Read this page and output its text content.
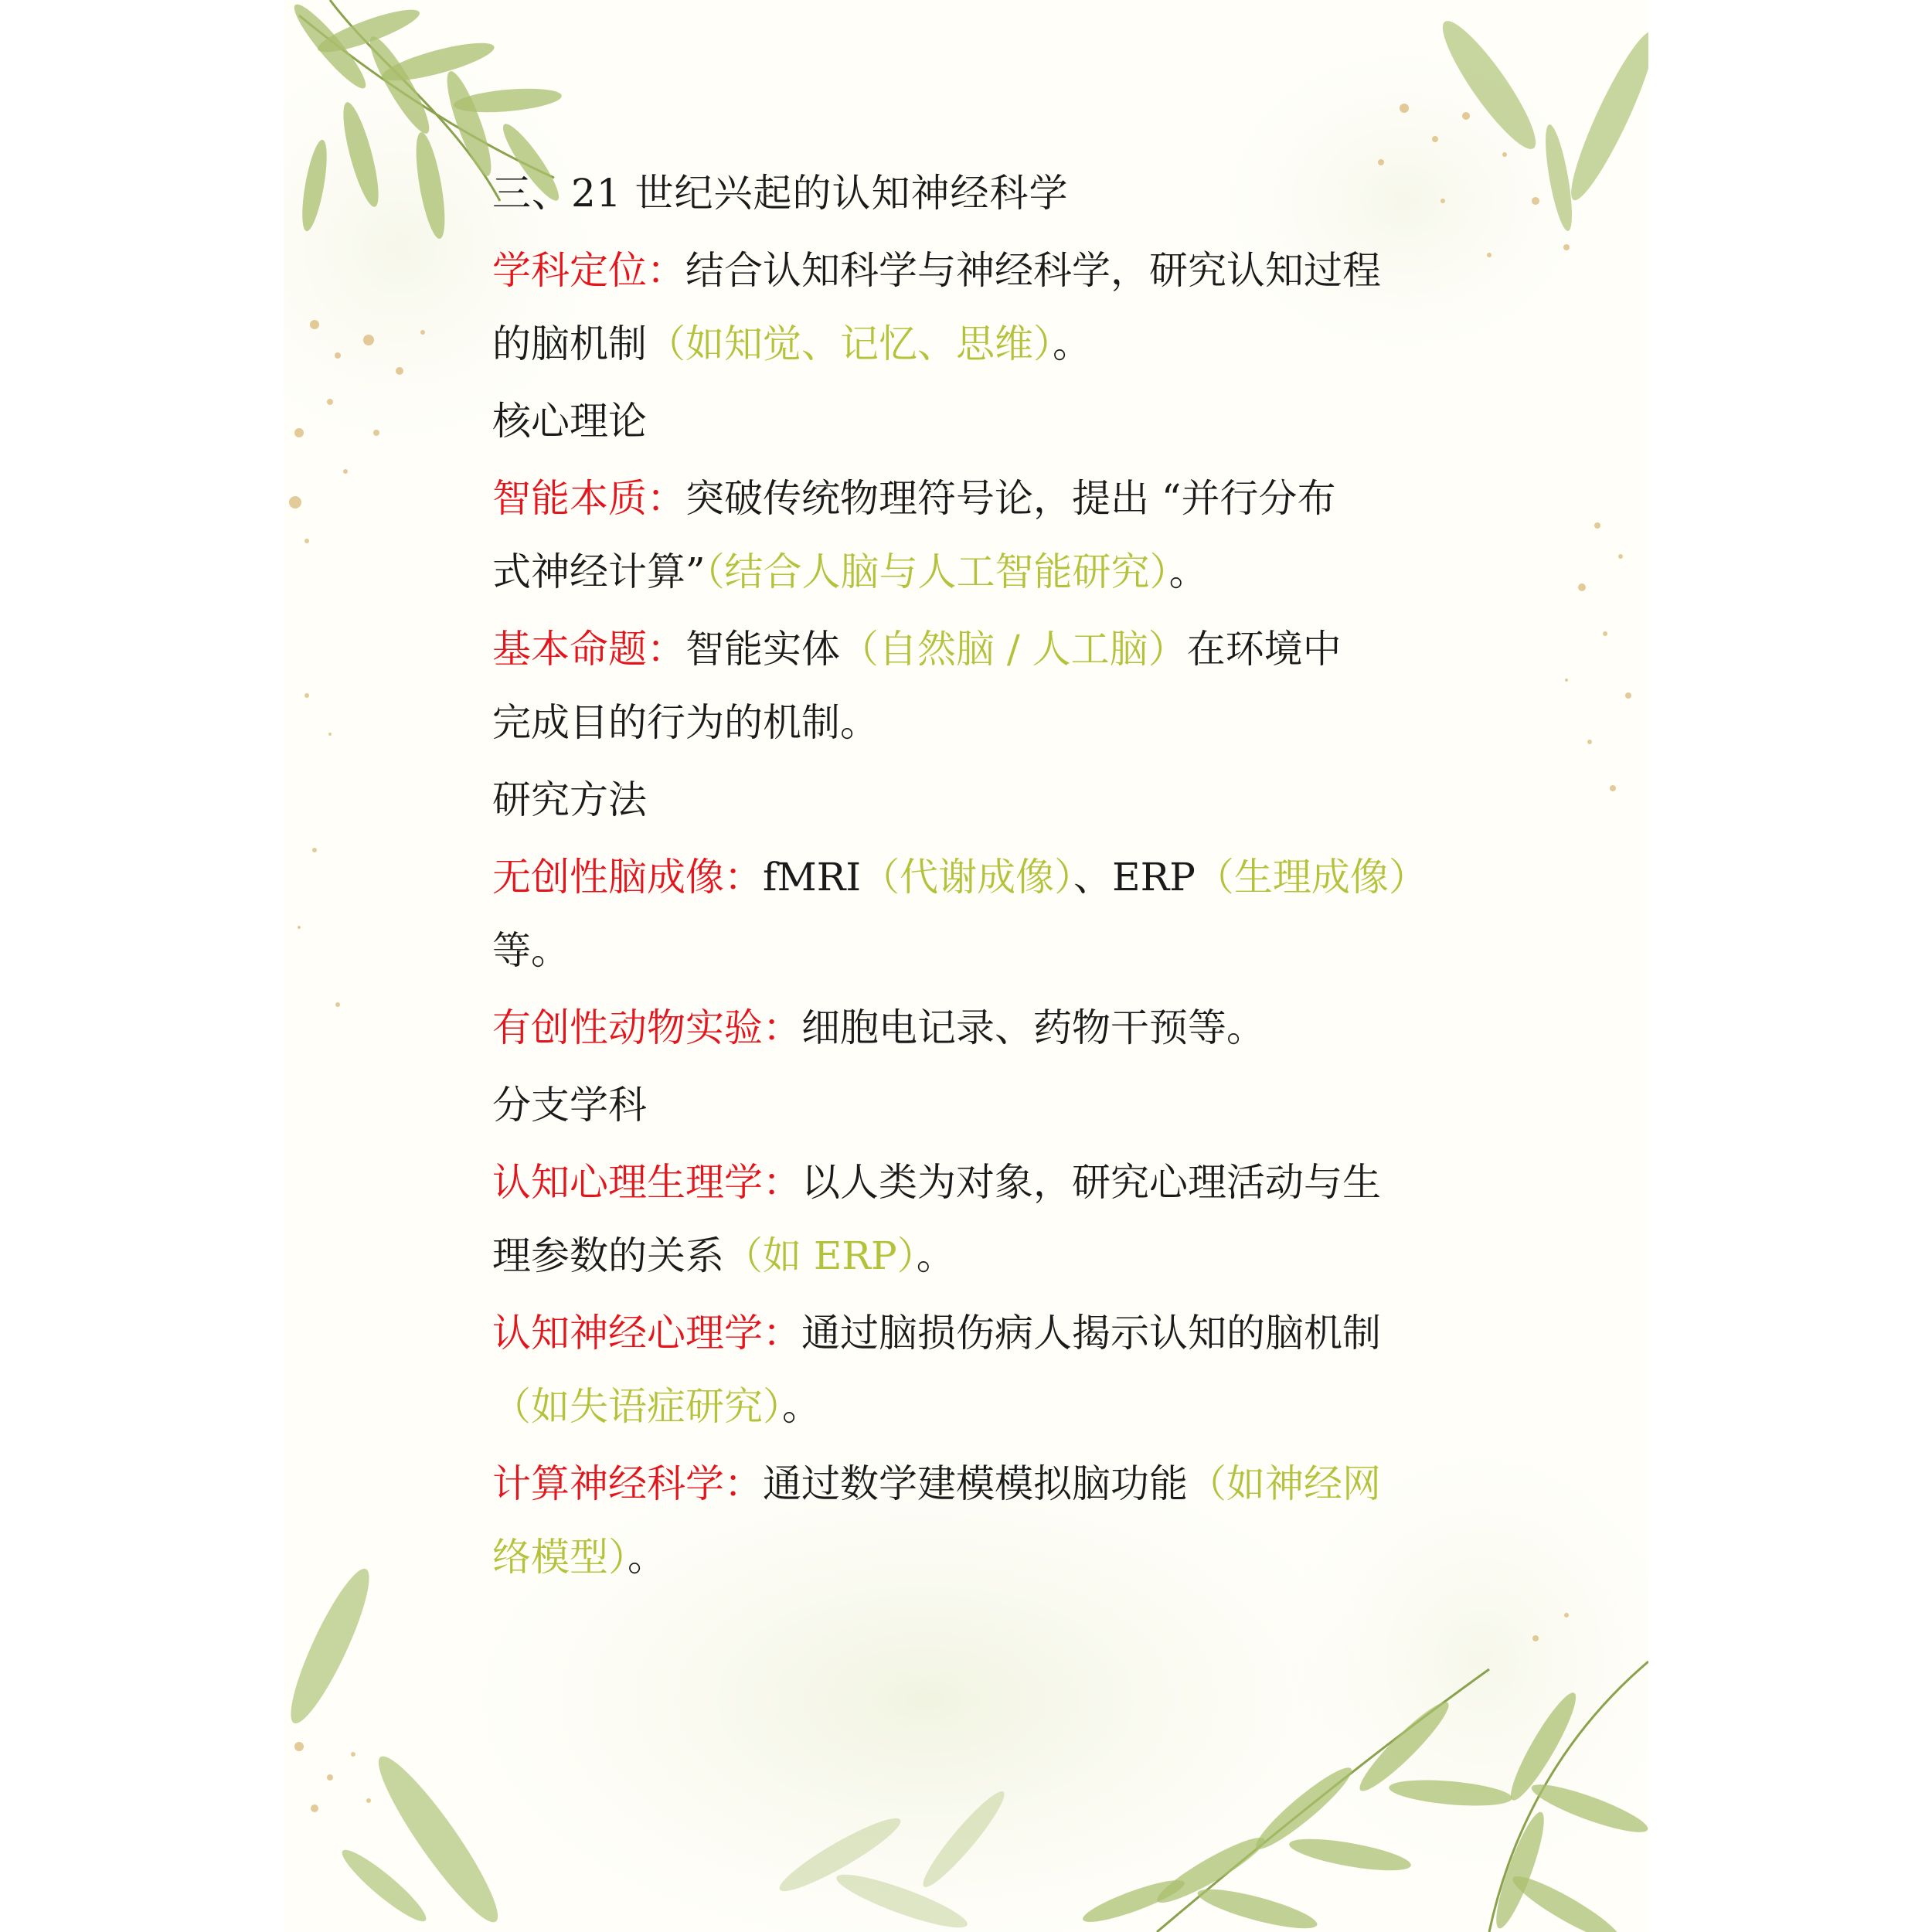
三、21 世纪兴起的认知神经科学
学科定位：结合认知科学与神经科学，研究认知过程
的脑机制（如知觉、记忆、思维）。
核心理论
智能本质：突破传统物理符号论，提出 “并行分布
式神经计算”（结合人脑与人工智能研究）。
基本命题：智能实体（自然脑 / 人工脑）在环境中
完成目的行为的机制。
研究方法
无创性脑成像：fMRI（代谢成像）、ERP（生理成像）
等。
有创性动物实验：细胞电记录、药物干预等。
分支学科
认知心理生理学：以人类为对象，研究心理活动与生
理参数的关系（如 ERP）。
认知神经心理学：通过脑损伤病人揭示认知的脑机制
（如失语症研究）。
计算神经科学：通过数学建模模拟脑功能（如神经网
络模型）。
